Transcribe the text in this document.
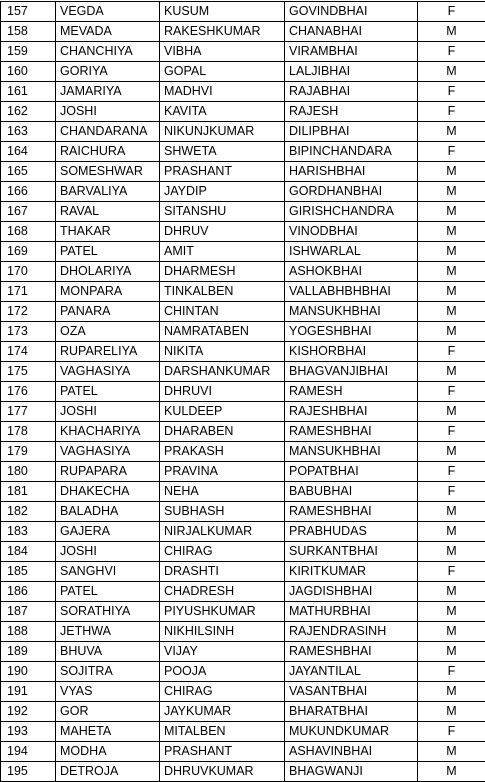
157	VEGDA	KUSUM	GOVINDBHAI	F
158	MEVADA	RAKESHKUMAR	CHANABHAI	M
159	CHANCHIYA	VIBHA	VIRAMBHAI	F
160	GORIYA	GOPAL	LALJIBHAI	M
161	JAMARIYA	MADHVI	RAJABHAI	F
162	JOSHI	KAVITA	RAJESH	F
163	CHANDARANA	NIKUNJKUMAR	DILIPBHAI	M
164	RAICHURA	SHWETA	BIPINCHANDARA	F
165	SOMESHWAR	PRASHANT	HARISHBHAI	M
166	BARVALIYA	JAYDIP	GORDHANBHAI	M
167	RAVAL	SITANSHU	GIRISHCHANDRA	M
168	THAKAR	DHRUV	VINODBHAI	M
169	PATEL	AMIT	ISHWARLAL	M
170	DHOLARIYA	DHARMESH	ASHOKBHAI	M
171	MONPARA	TINKALBEN	VALLABHBHBHAI	M
172	PANARA	CHINTAN	MANSUKHBHAI	M
173	OZA	NAMRATABEN	YOGESHBHAI	M
174	RUPARELIYA	NIKITA	KISHORBHAI	F
175	VAGHASIYA	DARSHANKUMAR	BHAGVANJIBHAI	M
176	PATEL	DHRUVI	RAMESH	F
177	JOSHI	KULDEEP	RAJESHBHAI	M
178	KHACHARIYA	DHARABEN	RAMESHBHAI	F
179	VAGHASIYA	PRAKASH	MANSUKHBHAI	M
180	RUPAPARA	PRAVINA	POPATBHAI	F
181	DHAKECHA	NEHA	BABUBHAI	F
182	BALADHA	SUBHASH	RAMESHBHAI	M
183	GAJERA	NIRJALKUMAR	PRABHUDAS	M
184	JOSHI	CHIRAG	SURKANTBHAI	M
185	SANGHVI	DRASHTI	KIRITKUMAR	F
186	PATEL	CHADRESH	JAGDISHBHAI	M
187	SORATHIYA	PIYUSHKUMAR	MATHURBHAI	M
188	JETHWA	NIKHILSINH	RAJENDRASINH	M
189	BHUVA	VIJAY	RAMESHBHAI	M
190	SOJITRA	POOJA	JAYANTILAL	F
191	VYAS	CHIRAG	VASANTBHAI	M
192	GOR	JAYKUMAR	BHARATBHAI	M
193	MAHETA	MITALBEN	MUKUNDKUMAR	F
194	MODHA	PRASHANT	ASHAVINBHAI	M
195	DETROJA	DHRUVKUMAR	BHAGWANJI	M
